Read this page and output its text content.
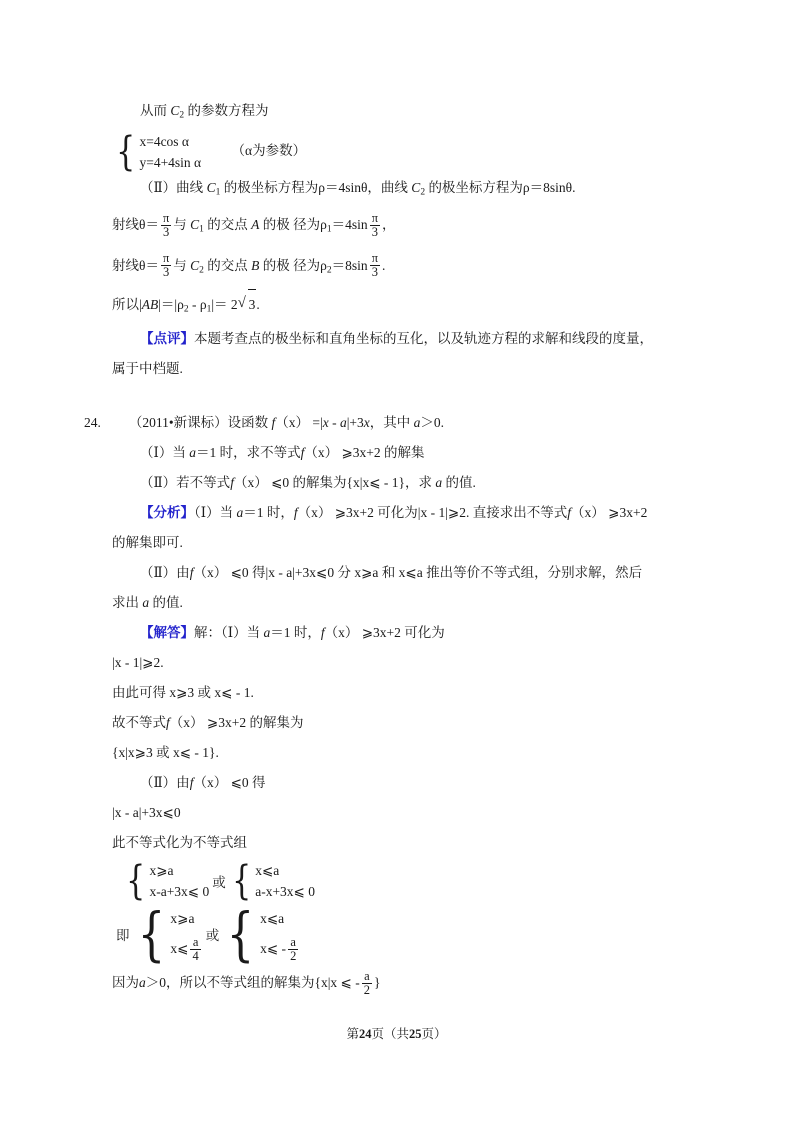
从而 $C_2$ 的参数方程为
{ x=4cos α
y=4+4sin α
（α为参数）
（Ⅱ）曲线 $C_1$ 的极坐标方程为ρ＝4sinθ，曲线 $C_2$ 的极坐标方程为ρ＝8sinθ.
射线$\theta= \frac{\pi}{3}$ 与 $C_1$ 的交点 A 的极 径为$\rho_1=4\sin \frac{\pi}{3}$ ，
射线$\theta= \frac{\pi}{3}$ 与 $C_2$ 的交点 B 的极 径为$\rho_2=8\sin \frac{\pi}{3}$ .
所以$|AB|=|\rho_2 - \rho_1|= 2$ √ 3.
【点评】本题考查点的极坐标和直角坐标的互化，以及轨迹方程的求解和线段的度量，
属于中档题.
24. （2011•新课标）设函数 f（x） =|x - a|+3x，其中 a＞0.
（Ⅰ）当 a＝1 时，求不等式f（x） ⩾3x+2 的解集
（Ⅱ）若不等式f（x） ⩽0 的解集为{x|x⩽ - 1}，求 a 的值.
【分析】（Ⅰ）当 a＝1 时，f（x） ⩾3x+2 可化为|x - 1|⩾2. 直接求出不等式f（x） ⩾3x+2
的解集即可.
（Ⅱ）由f（x） ⩽0 得|x - a|+3x⩽0 分 x⩾a 和 x⩽a 推出等价不等式组，分别求解，然后
求出 a 的值.
【解答】解：（Ⅰ）当 a＝1 时，f（x） ⩾3x+2 可化为
|x - 1|⩾2.
由此可得 x⩾3 或 x⩽ - 1.
故不等式f（x） ⩾3x+2 的解集为
{x|x⩾3 或 x⩽ - 1}.
（Ⅱ）由f（x） ⩽0 得
|x - a|+3x⩽0
此不等式化为不等式组
{ x⩾a
x-a+3x⩽ 0
或 { x⩽a
a-x+3x⩽ 0
即 { x⩾a
x⩽ $\frac{a}{4}$ 或 { x⩽a
x⩽ - $\frac{a}{2}$
因为a＞0，所以不等式组的解集为{x|x ⩽ - $\frac{a}{2}$ }
第24页（共25页）
